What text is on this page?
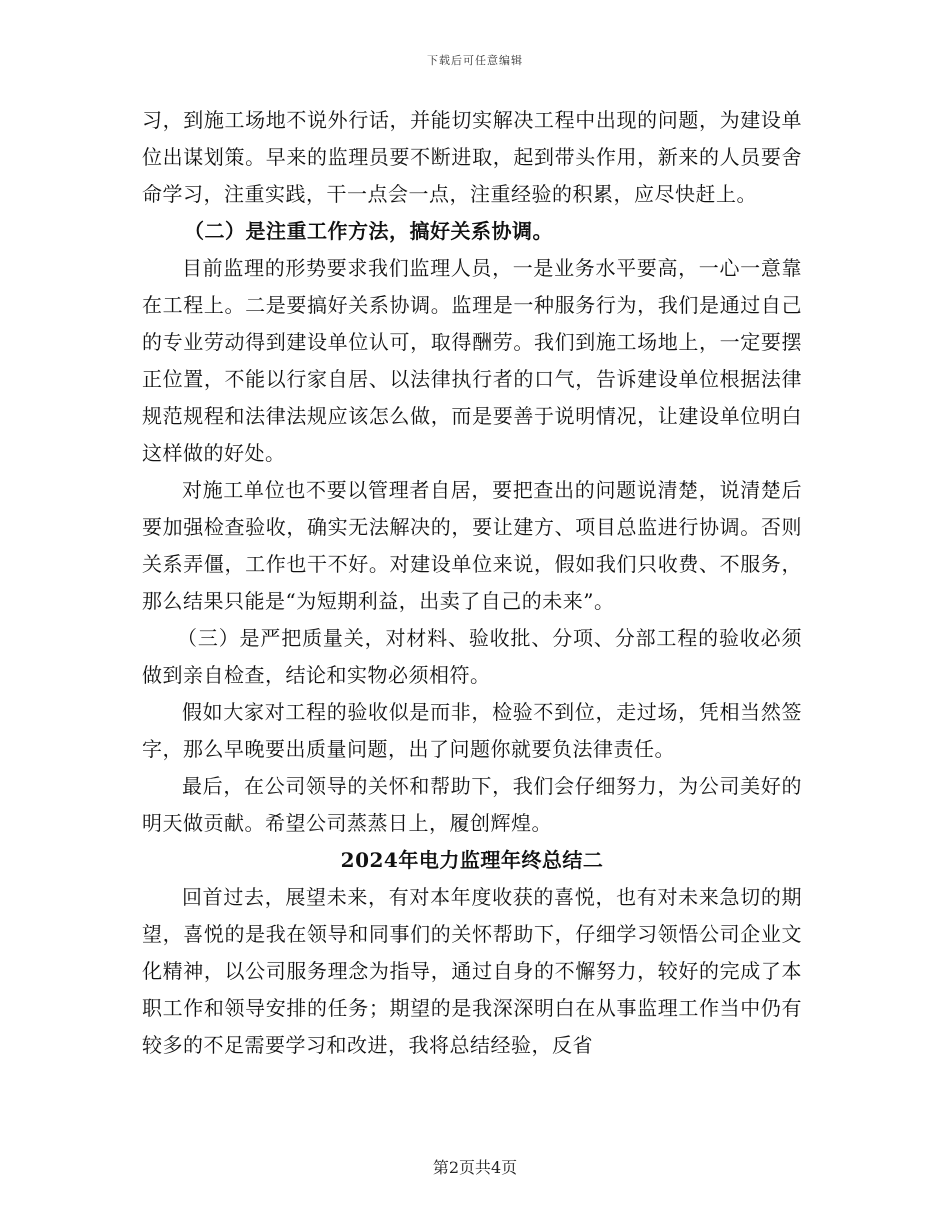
下载后可任意编辑

习，到施工场地不说外行话，并能切实解决工程中出现的问题，为建设单位出谋划策。早来的监理员要不断进取，起到带头作用，新来的人员要舍命学习，注重实践，干一点会一点，注重经验的积累，应尽快赶上。

（二）是注重工作方法，搞好关系协调。

目前监理的形势要求我们监理人员，一是业务水平要高，一心一意靠在工程上。二是要搞好关系协调。监理是一种服务行为，我们是通过自己的专业劳动得到建设单位认可，取得酬劳。我们到施工场地上，一定要摆正位置，不能以行家自居、以法律执行者的口气，告诉建设单位根据法律规范规程和法律法规应该怎么做，而是要善于说明情况，让建设单位明白这样做的好处。

对施工单位也不要以管理者自居，要把查出的问题说清楚，说清楚后要加强检查验收，确实无法解决的，要让建方、项目总监进行协调。否则关系弄僵，工作也干不好。对建设单位来说，假如我们只收费、不服务，那么结果只能是“为短期利益，出卖了自己的未来”。

（三）是严把质量关，对材料、验收批、分项、分部工程的验收必须做到亲自检查，结论和实物必须相符。

假如大家对工程的验收似是而非，检验不到位，走过场，凭相当然签字，那么早晚要出质量问题，出了问题你就要负法律责任。

最后，在公司领导的关怀和帮助下，我们会仔细努力，为公司美好的明天做贡献。希望公司蒸蒸日上，履创辉煌。

2024年电力监理年终总结二

回首过去，展望未来，有对本年度收获的喜悦，也有对未来急切的期望，喜悦的是我在领导和同事们的关怀帮助下，仔细学习领悟公司企业文化精神，以公司服务理念为指导，通过自身的不懈努力，较好的完成了本职工作和领导安排的任务；期望的是我深深明白在从事监理工作当中仍有较多的不足需要学习和改进，我将总结经验，反省

第2页共4页
